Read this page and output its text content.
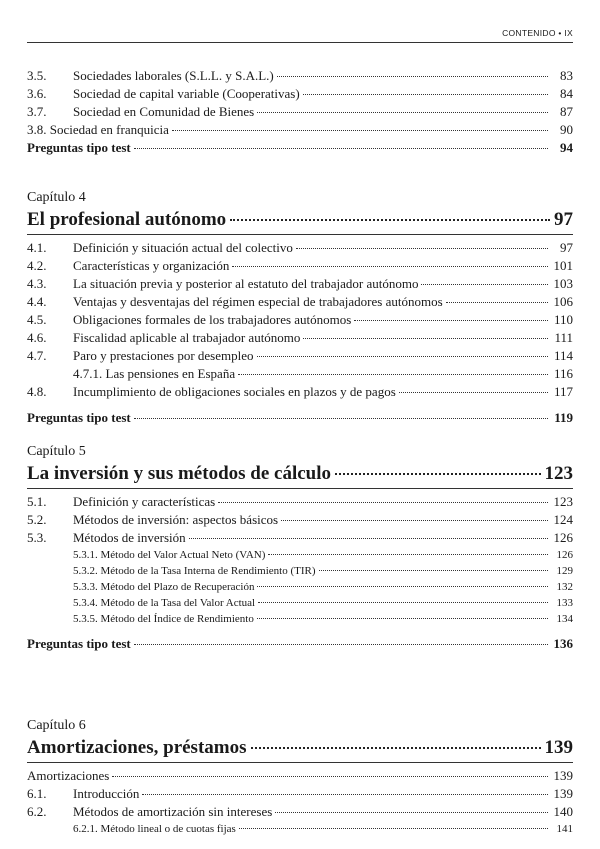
CONTENIDO • IX
3.5.	Sociedades laborales (S.L.L. y S.A.L.)	83
3.6.	Sociedad de capital variable (Cooperativas)	84
3.7.	Sociedad en Comunidad de Bienes	87
3.8. Sociedad en franquicia	90
Preguntas tipo test	94
Capítulo 4
El profesional autónomo	97
4.1.	Definición y situación actual del colectivo	97
4.2.	Características y organización	101
4.3.	La situación previa y posterior al estatuto del trabajador autónomo	103
4.4.	Ventajas y desventajas del régimen especial de trabajadores autónomos	106
4.5.	Obligaciones formales de los trabajadores autónomos	110
4.6.	Fiscalidad aplicable al trabajador autónomo	111
4.7.	Paro y prestaciones por desempleo	114
4.7.1. Las pensiones en España	116
4.8.	Incumplimiento de obligaciones sociales en plazos y de pagos	117
Preguntas tipo test	119
Capítulo 5
La inversión y sus métodos de cálculo	123
5.1.	Definición y características	123
5.2.	Métodos de inversión: aspectos básicos	124
5.3.	Métodos de inversión	126
5.3.1. Método del Valor Actual Neto (VAN)	126
5.3.2. Método de la Tasa Interna de Rendimiento (TIR)	129
5.3.3. Método del Plazo de Recuperación	132
5.3.4. Método de la Tasa del Valor Actual	133
5.3.5. Método del Índice de Rendimiento	134
Preguntas tipo test	136
Capítulo 6
Amortizaciones, préstamos	139
Amortizaciones	139
6.1.	Introducción	139
6.2.	Métodos de amortización sin intereses	140
6.2.1. Método lineal o de cuotas fijas	141
